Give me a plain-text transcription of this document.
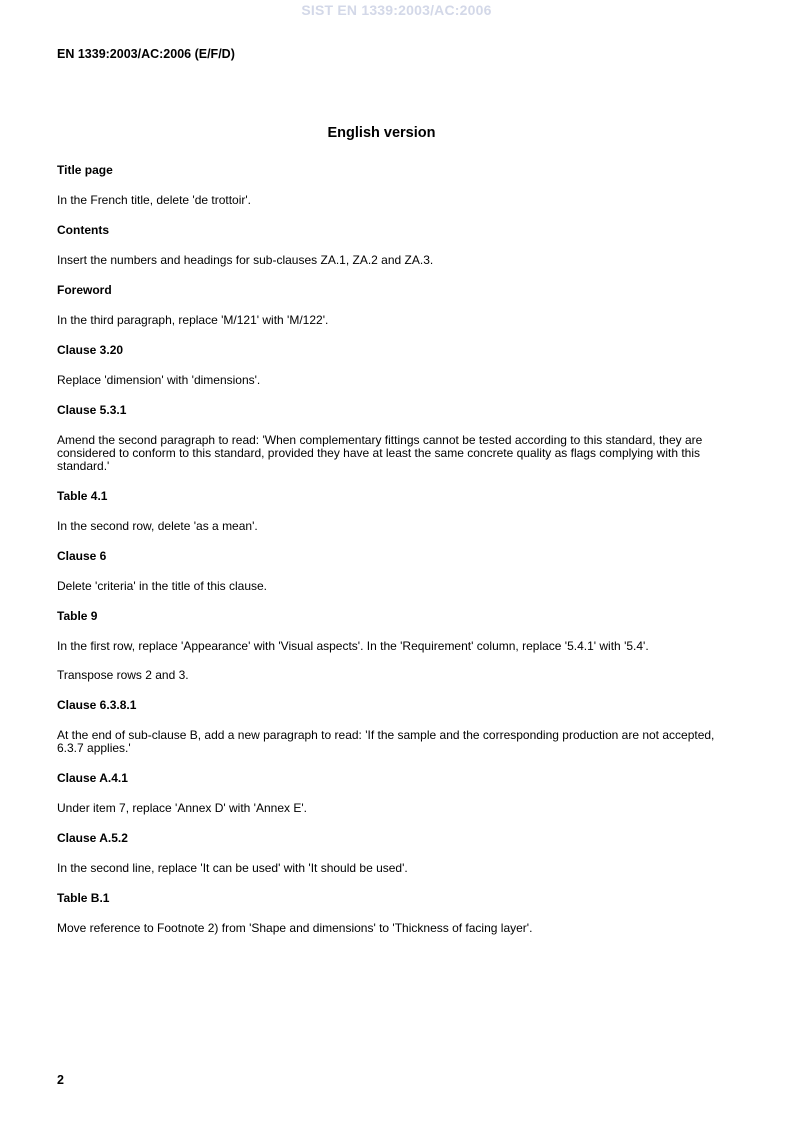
SIST EN 1339:2003/AC:2006
EN 1339:2003/AC:2006 (E/F/D)
English version
Title page
In the French title, delete 'de trottoir'.
Contents
Insert the numbers and headings for sub-clauses ZA.1, ZA.2 and ZA.3.
Foreword
In the third paragraph, replace 'M/121' with 'M/122'.
Clause 3.20
Replace 'dimension' with 'dimensions'.
Clause 5.3.1
Amend the second paragraph to read: 'When complementary fittings cannot be tested according to this standard, they are considered to conform to this standard, provided they have at least the same concrete quality as flags complying with this standard.'
Table 4.1
In the second row, delete 'as a mean'.
Clause 6
Delete 'criteria' in the title of this clause.
Table 9
In the first row, replace 'Appearance' with 'Visual aspects'. In the 'Requirement' column, replace '5.4.1' with '5.4'.
Transpose rows 2 and 3.
Clause 6.3.8.1
At the end of sub-clause B, add a new paragraph to read: 'If the sample and the corresponding production are not accepted, 6.3.7 applies.'
Clause A.4.1
Under item 7, replace 'Annex D' with 'Annex E'.
Clause A.5.2
In the second line, replace 'It can be used' with 'It should be used'.
Table B.1
Move reference to Footnote 2) from 'Shape and dimensions' to 'Thickness of facing layer'.
2
